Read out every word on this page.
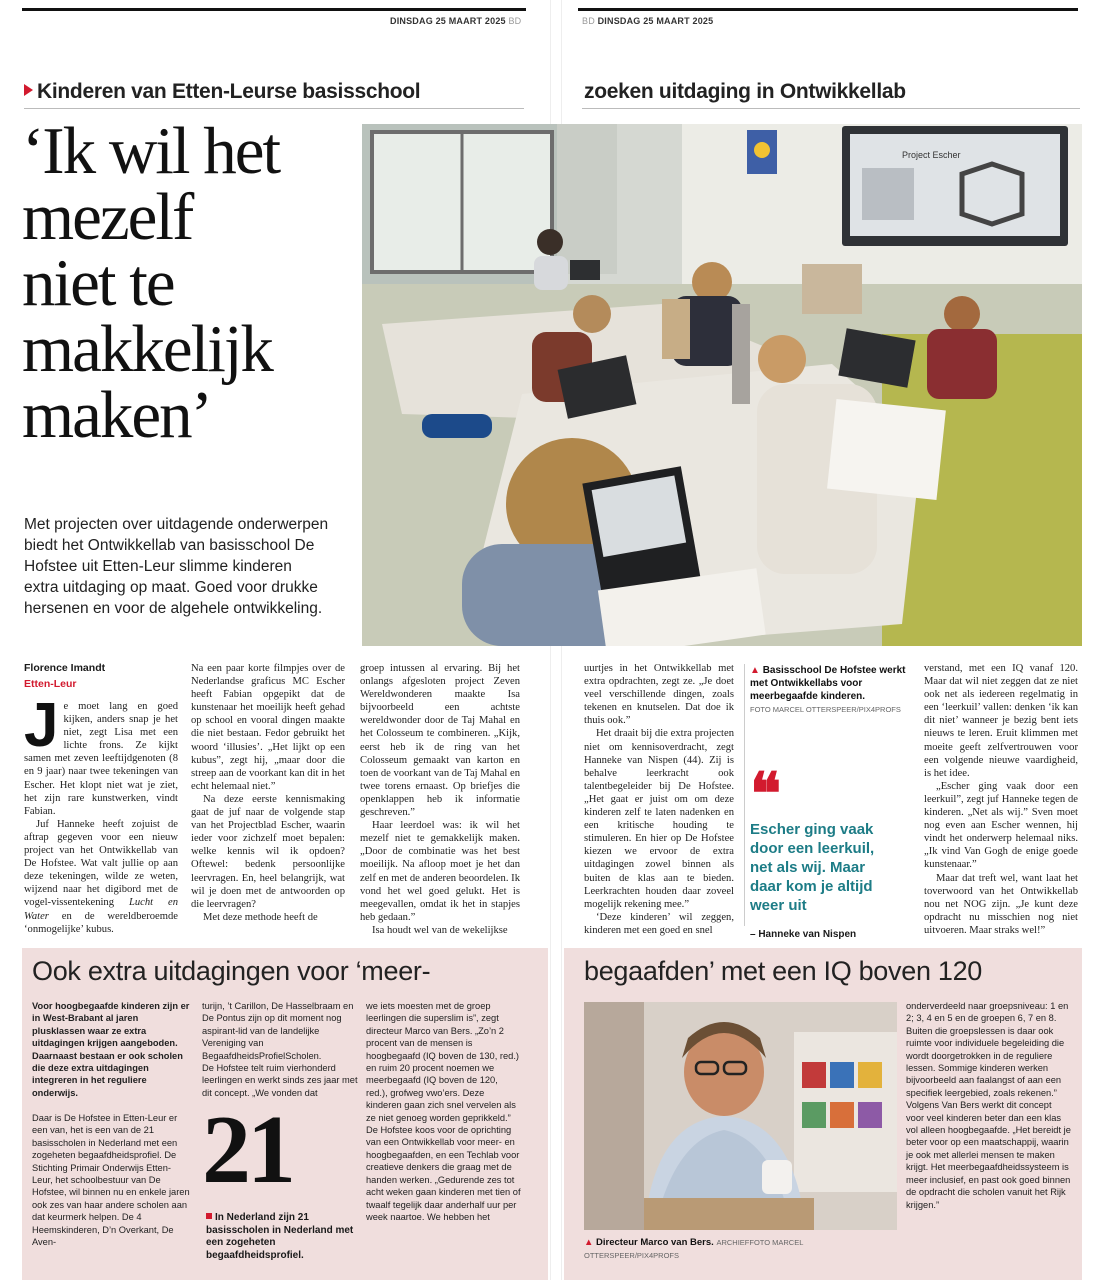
DINSDAG 25 MAART 2025 BD	BD DINSDAG 25 MAART 2025
Kinderen van Etten-Leurse basisschool	zoeken uitdaging in Ontwikkellab
‘Ik wil het
mezelf
niet te
makkelijk
maken’
Met projecten over uitdagende onderwerpen biedt het Ontwikkellab van basisschool De Hofstee uit Etten-Leur slimme kinderen extra uitdaging op maat. Goed voor drukke hersenen en voor de algehele ontwikkeling.
Project Escher
Florence Imandt
Etten-Leur

Je moet lang en goed kijken, anders snap je het niet, zegt Lisa met een lichte frons. Ze kijkt samen met zeven leeftijdgenoten (8 en 9 jaar) naar twee tekeningen van Escher. Het klopt niet wat je ziet, het zijn rare kunstwerken, vindt Fabian.

Juf Hanneke heeft zojuist de aftrap gegeven voor een nieuw project van het Ontwikkellab van De Hofstee. Wat valt jullie op aan deze tekeningen, wilde ze weten, wijzend naar het digibord met de vogel-vissentekening Lucht en Water en de wereldberoemde ‘onmogelijke’ kubus.

Na een paar korte filmpjes over de Nederlandse graficus MC Escher heeft Fabian opgepikt dat de kunstenaar het moeilijk heeft gehad op school en vooral dingen maakte die niet bestaan. Fedor gebruikt het woord ‘illusies’. „Het lijkt op een kubus”, zegt hij, „maar door die streep aan de voorkant kan dit in het echt helemaal niet.”

Na deze eerste kennismaking gaat de juf naar de volgende stap van het Projectblad Escher, waarin ieder voor zichzelf moet bepalen: welke kennis wil ik opdoen? Oftewel: bedenk persoonlijke leervragen. En, heel belangrijk, wat wil je doen met de antwoorden op die leervragen?

Met deze methode heeft de

groep intussen al ervaring. Bij het onlangs afgesloten project Zeven Wereldwonderen maakte Isa bijvoorbeeld een achtste wereldwonder door de Taj Mahal en het Colosseum te combineren. „Kijk, eerst heb ik de ring van het Colosseum gemaakt van karton en toen de voorkant van de Taj Mahal en twee torens ernaast. Op briefjes die openklappen heb ik informatie geschreven.”

Haar leerdoel was: ik wil het mezelf niet te gemakkelijk maken. „Door de combinatie was het best moeilijk. Na afloop moet je het dan zelf en met de anderen beoordelen. Ik vond het wel goed gelukt. Het is meegevallen, omdat ik het in stapjes heb gedaan.”

Isa houdt wel van de wekelijkse

uurtjes in het Ontwikkellab met extra opdrachten, zegt ze. „Je doet veel verschillende dingen, zoals tekenen en knutselen. Dat doe ik thuis ook.”

Het draait bij die extra projecten niet om kennisoverdracht, zegt Hanneke van Nispen (44). Zij is behalve leerkracht ook talentbegeleider bij De Hofstee. „Het gaat er juist om om deze kinderen zelf te laten nadenken en een kritische houding te stimuleren. En hier op De Hofstee kiezen we ervoor de extra uitdagingen zowel binnen als buiten de klas aan te bieden. Leerkrachten houden daar zoveel mogelijk rekening mee.”

‘Deze kinderen’ wil zeggen, kinderen met een goed en snel

▲ Basisschool De Hofstee werkt met Ontwikkellabs voor meerbegaafde kinderen.
FOTO MARCEL OTTERSPEER/PIX4PROFS
❝
Escher ging vaak door een leerkuil, net als wij. Maar daar kom je altijd weer uit
– Hanneke van Nispen

verstand, met een IQ vanaf 120. Maar dat wil niet zeggen dat ze niet ook net als iedereen regelmatig in een ‘leerkuil’ vallen: denken ‘ik kan dit niet’ wanneer je bezig bent iets nieuws te leren. Eruit klimmen met moeite geeft zelfvertrouwen voor een volgende nieuwe vaardigheid, is het idee.

„Escher ging vaak door een leerkuil”, zegt juf Hanneke tegen de kinderen. „Net als wij.” Sven moet nog even aan Escher wennen, hij vindt het onderwerp helemaal niks. „Ik vind Van Gogh de enige goede kunstenaar.”

Maar dat treft wel, want laat het toverwoord van het Ontwikkellab nou net NOG zijn. „Je kunt deze opdracht nu misschien nog niet uitvoeren. Maar straks wel!”

Ook extra uitdagingen voor ‘meer-	begaafden’ met een IQ boven 120
Voor hoogbegaafde kinderen zijn er in West-Brabant al jaren plusklassen waar ze extra uitdagingen krijgen aangeboden. Daarnaast bestaan er ook scholen die deze extra uitdagingen integreren in het reguliere onderwijs.
Daar is De Hofstee in Etten-Leur er een van, het is een van de 21 basisscholen in Nederland met een zogeheten begaafdheidsprofiel. De Stichting Primair Onderwijs Etten-Leur, het schoolbestuur van De Hofstee, wil binnen nu en enkele jaren ook zes van haar andere scholen aan dat keurmerk helpen. De 4 Heemskinderen, D’n Overkant, De Aven-
turijn, ’t Carillon, De Hasselbraam en De Pontus zijn op dit moment nog aspirant-lid van de landelijke Vereniging van BegaafdheidsProfielScholen.
De Hofstee telt ruim vierhonderd leerlingen en werkt sinds zes jaar met dit concept. „We vonden dat
21
In Nederland zijn 21 basisscholen in Nederland met een zogeheten begaafdheidsprofiel.
we iets moesten met de groep leerlingen die superslim is”, zegt directeur Marco van Bers. „Zo’n 2 procent van de mensen is hoogbegaafd (IQ boven de 130, red.) en ruim 20 procent noemen we meerbegaafd (IQ boven de 120, red.), grofweg vwo’ers. Deze kinderen gaan zich snel vervelen als ze niet genoeg worden geprikkeld.”
De Hofstee koos voor de oprichting van een Ontwikkellab voor meer- en hoogbegaafden, en een Techlab voor creatieve denkers die graag met de handen werken. „Gedurende zes tot acht weken gaan kinderen met tien of twaalf tegelijk daar anderhalf uur per week naartoe. We hebben het
▲ Directeur Marco van Bers. ARCHIEFFOTO MARCEL OTTERSPEER/PIX4PROFS
onderverdeeld naar groepsniveau: 1 en 2; 3, 4 en 5 en de groepen 6, 7 en 8. Buiten die groepslessen is daar ook ruimte voor individuele begeleiding die wordt doorgetrokken in de reguliere lessen. Sommige kinderen werken bijvoorbeeld aan faalangst of aan een specifiek leergebied, zoals rekenen.”
Volgens Van Bers werkt dit concept voor veel kinderen beter dan een klas vol alleen hoogbegaafde. „Het bereidt je beter voor op een maatschappij, waarin je ook met allerlei mensen te maken krijgt. Het meerbegaafdheidssysteem is meer inclusief, en past ook goed binnen de opdracht die scholen vanuit het Rijk krijgen.”
